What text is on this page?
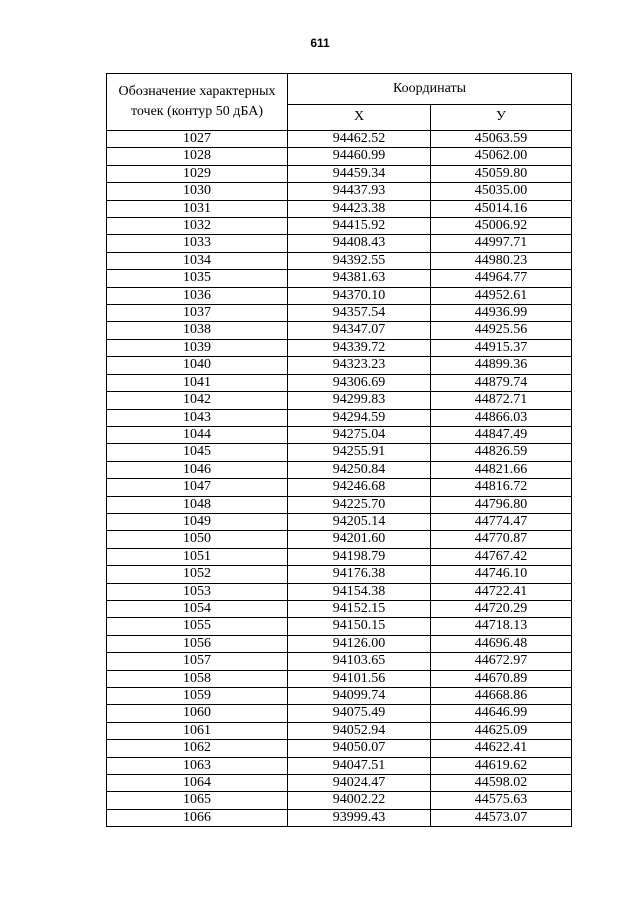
611
Обозначение характерных точек (контур 50 дБА)	Координаты	
	X	У
1027	94462.52	45063.59
1028	94460.99	45062.00
1029	94459.34	45059.80
1030	94437.93	45035.00
1031	94423.38	45014.16
1032	94415.92	45006.92
1033	94408.43	44997.71
1034	94392.55	44980.23
1035	94381.63	44964.77
1036	94370.10	44952.61
1037	94357.54	44936.99
1038	94347.07	44925.56
1039	94339.72	44915.37
1040	94323.23	44899.36
1041	94306.69	44879.74
1042	94299.83	44872.71
1043	94294.59	44866.03
1044	94275.04	44847.49
1045	94255.91	44826.59
1046	94250.84	44821.66
1047	94246.68	44816.72
1048	94225.70	44796.80
1049	94205.14	44774.47
1050	94201.60	44770.87
1051	94198.79	44767.42
1052	94176.38	44746.10
1053	94154.38	44722.41
1054	94152.15	44720.29
1055	94150.15	44718.13
1056	94126.00	44696.48
1057	94103.65	44672.97
1058	94101.56	44670.89
1059	94099.74	44668.86
1060	94075.49	44646.99
1061	94052.94	44625.09
1062	94050.07	44622.41
1063	94047.51	44619.62
1064	94024.47	44598.02
1065	94002.22	44575.63
1066	93999.43	44573.07
